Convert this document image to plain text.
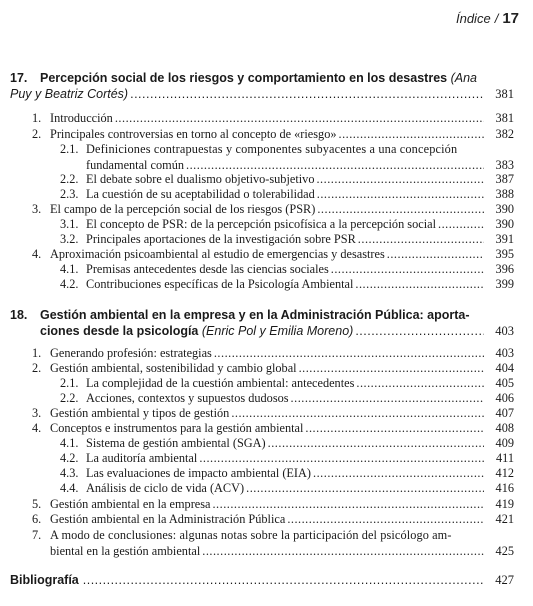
Índice / 17
17.	Percepción social de los riesgos y comportamiento en los desastres (Ana
Puy y Beatriz Cortés) .....	381
1. Introducción .....	381
2. Principales controversias en torno al concepto de «riesgo» .....	382
2.1. Definiciones contrapuestas y componentes subyacentes a una concepción
fundamental común .....	383
2.2. El debate sobre el dualismo objetivo-subjetivo .....	387
2.3. La cuestión de su aceptabilidad o tolerabilidad .....	388
3. El campo de la percepción social de los riesgos (PSR) .....	390
3.1. El concepto de PSR: de la percepción psicofísica a la percepción social .....	390
3.2. Principales aportaciones de la investigación sobre PSR .....	391
4. Aproximación psicoambiental al estudio de emergencias y desastres .....	395
4.1. Premisas antecedentes desde las ciencias sociales .....	396
4.2. Contribuciones específicas de la Psicología Ambiental .....	399
18.	Gestión ambiental en la empresa y en la Administración Pública: aporta-
ciones desde la psicología (Enric Pol y Emilia Moreno) .....	403
1. Generando profesión: estrategias .....	403
2. Gestión ambiental, sostenibilidad y cambio global .....	404
2.1. La complejidad de la cuestión ambiental: antecedentes .....	405
2.2. Acciones, contextos y supuestos dudosos .....	406
3. Gestión ambiental y tipos de gestión .....	407
4. Conceptos e instrumentos para la gestión ambiental .....	408
4.1. Sistema de gestión ambiental (SGA) .....	409
4.2. La auditoría ambiental .....	411
4.3. Las evaluaciones de impacto ambiental (EIA) .....	412
4.4. Análisis de ciclo de vida (ACV) .....	416
5. Gestión ambiental en la empresa .....	419
6. Gestión ambiental en la Administración Pública .....	421
7. A modo de conclusiones: algunas notas sobre la participación del psicólogo am-
biental en la gestión ambiental .....	425
Bibliografía .....	427
